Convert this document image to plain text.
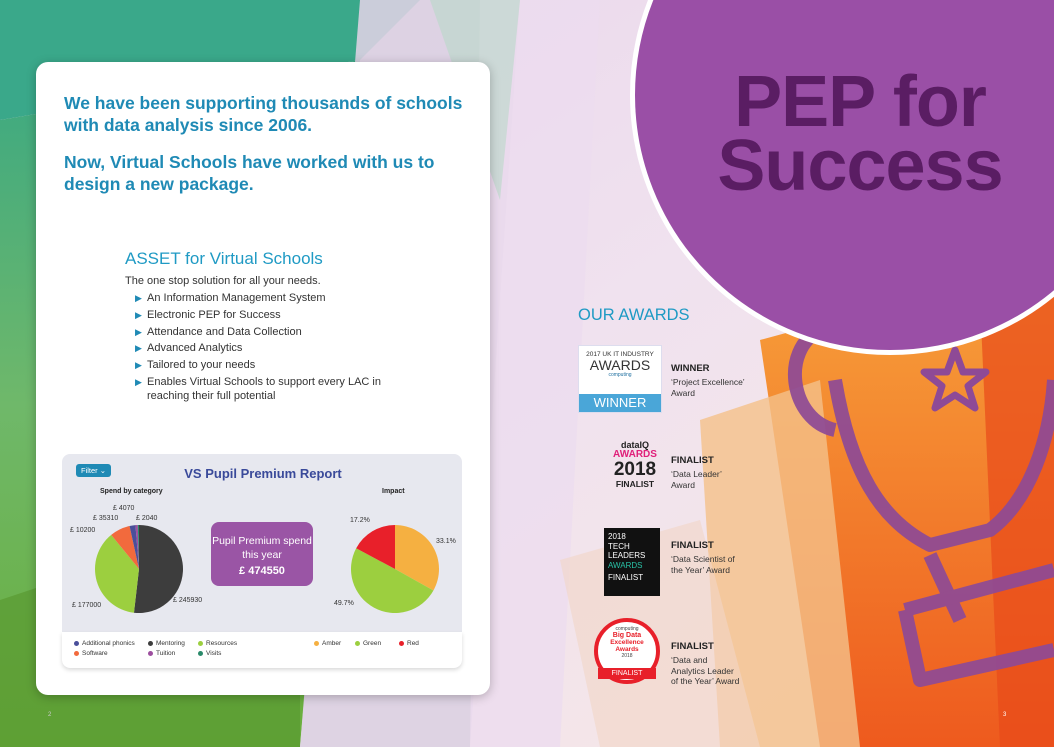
PEP for
Success

We have been supporting thousands of schools with data analysis since 2006.

Now, Virtual Schools have worked with us to design a new package.

ASSET for Virtual Schools

The one stop solution for all your needs.

▶ An Information Management System
▶ Electronic PEP for Success
▶ Attendance and Data Collection
▶ Advanced Analytics
▶ Tailored to your needs
▶ Enables Virtual Schools to support every LAC in reaching their full potential
Filter ⌄	VS Pupil Premium Report
Spend by category	Impact
£ 245930
£ 177000
£ 10200
£ 35310
£ 4070
£ 2040
33.1%
49.7%
17.2%
Pupil Premium spend this year
£ 474550
Additional phonics	Mentoring	Resources
Software	Tuition	Visits
Amber	Green	Red
2	3
OUR AWARDS
2017 UK IT INDUSTRY
AWARDS
computing
WINNER
WINNER
‘Project Excellence’
Award
dataIQ
AWARDS
2018
FINALIST
FINALIST
‘Data Leader’
Award
2018
TECH
LEADERS
AWARDS
FINALIST
FINALIST
‘Data Scientist of
the Year’ Award
computing
Big Data
Excellence
Awards
2018
FINALIST
FINALIST
‘Data and
Analytics Leader
of the Year’ Award
